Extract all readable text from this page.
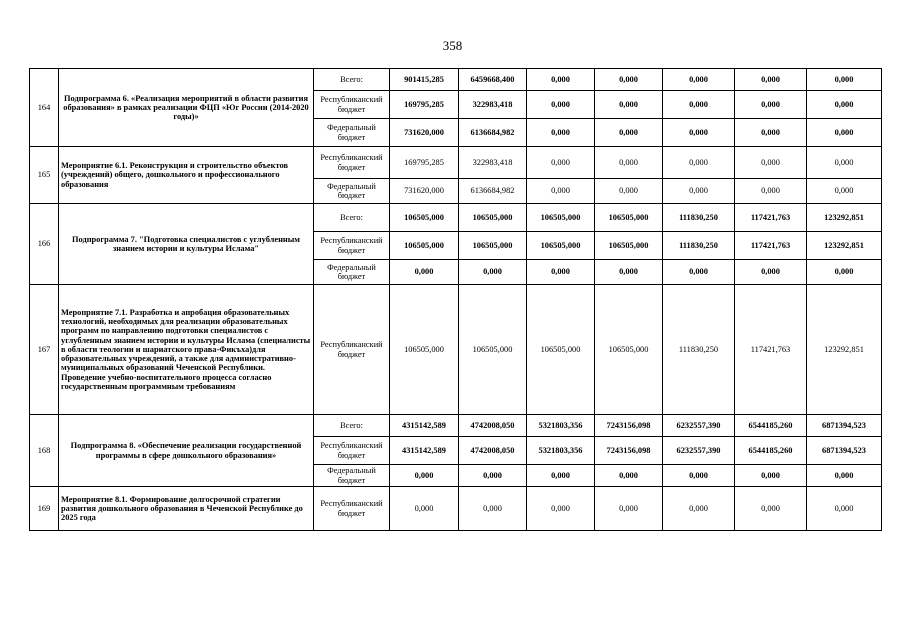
358
164	Подпрограмма 6. «Реализация мероприятий в области развития образования» в рамках реализации ФЦП «Юг России (2014-2020 годы)»	Всего:	901415,285	6459668,400	0,000	0,000	0,000	0,000	0,000
		Республиканский бюджет	169795,285	322983,418	0,000	0,000	0,000	0,000	0,000
		Федеральный бюджет	731620,000	6136684,982	0,000	0,000	0,000	0,000	0,000
165	Мероприятие 6.1. Реконструкция и строительство объектов (учреждений) общего, дошкольного и профессионального образования	Республиканский бюджет	169795,285	322983,418	0,000	0,000	0,000	0,000	0,000
		Федеральный бюджет	731620,000	6136684,982	0,000	0,000	0,000	0,000	0,000
166	Подпрограмма 7. "Подготовка специалистов с углубленным знанием истории и культуры Ислама"	Всего:	106505,000	106505,000	106505,000	106505,000	111830,250	117421,763	123292,851
		Республиканский бюджет	106505,000	106505,000	106505,000	106505,000	111830,250	117421,763	123292,851
		Федеральный бюджет	0,000	0,000	0,000	0,000	0,000	0,000	0,000
167	Мероприятие 7.1. Разработка и апробация образовательных технологий, необходимых для реализации образовательных программ по направлению подготовки специалистов с углубленным знанием истории и культуры Ислама (специалисты в области теологии и шариатского права-Фикъха)для образовательных учреждений, а также для административно-муниципальных образований Чеченской Республики. Проведение учебно-воспитательного процесса согласно государственным программным требованиям	Республиканский бюджет	106505,000	106505,000	106505,000	106505,000	111830,250	117421,763	123292,851
168	Подпрограмма 8. «Обеспечение реализации государственной программы в сфере дошкольного образования»	Всего:	4315142,589	4742008,050	5321803,356	7243156,098	6232557,390	6544185,260	6871394,523
		Республиканский бюджет	4315142,589	4742008,050	5321803,356	7243156,098	6232557,390	6544185,260	6871394,523
		Федеральный бюджет	0,000	0,000	0,000	0,000	0,000	0,000	0,000
169	Мероприятие 8.1. Формирование долгосрочной стратегии развития дошкольного образования в Чеченской Республике до 2025 года	Республиканский бюджет	0,000	0,000	0,000	0,000	0,000	0,000	0,000
